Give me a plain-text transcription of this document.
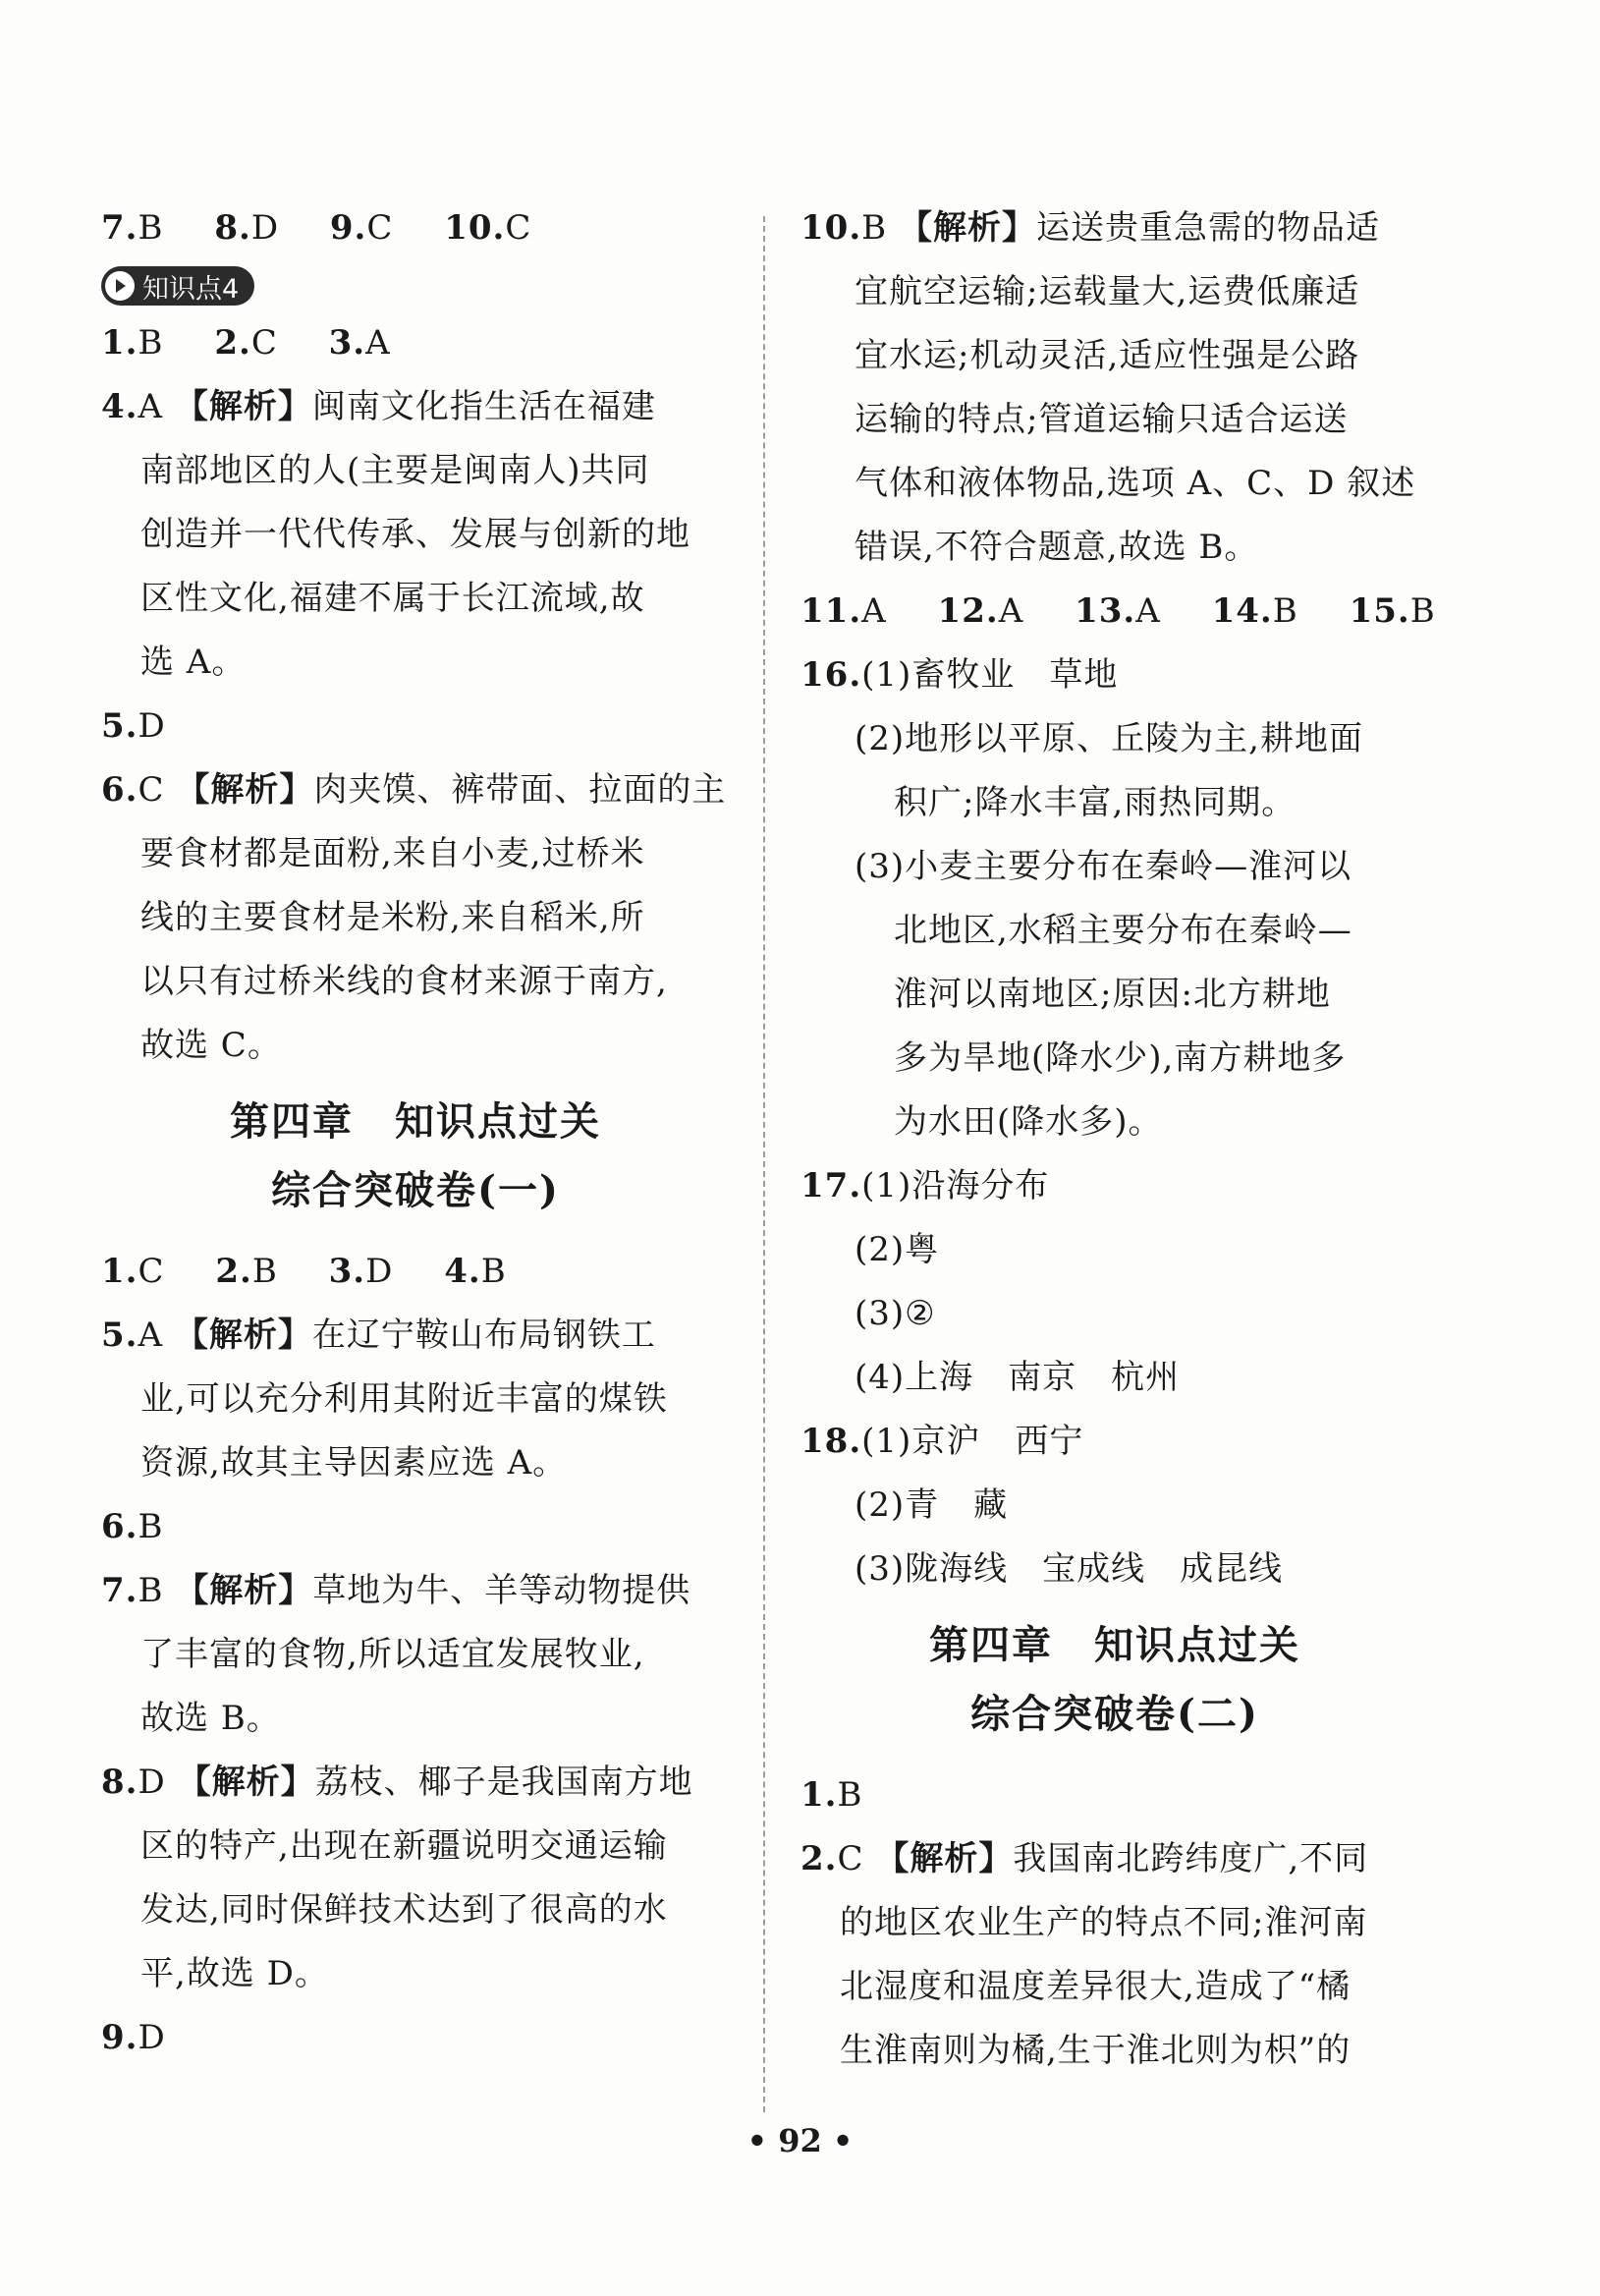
7.B 8.D 9.C 10.C
知识点4
1.B 2.C 3.A
4.A 【解析】闽南文化指生活在福建
南部地区的人(主要是闽南人)共同
创造并一代代传承、发展与创新的地
区性文化,福建不属于长江流域,故
选 A。
5.D
6.C 【解析】肉夹馍、裤带面、拉面的主
要食材都是面粉,来自小麦,过桥米
线的主要食材是米粉,来自稻米,所
以只有过桥米线的食材来源于南方,
故选 C。
第四章　知识点过关
综合突破卷(一)
1.C 2.B 3.D 4.B
5.A 【解析】在辽宁鞍山布局钢铁工
业,可以充分利用其附近丰富的煤铁
资源,故其主导因素应选 A。
6.B
7.B 【解析】草地为牛、羊等动物提供
了丰富的食物,所以适宜发展牧业,
故选 B。
8.D 【解析】荔枝、椰子是我国南方地
区的特产,出现在新疆说明交通运输
发达,同时保鲜技术达到了很高的水
平,故选 D。
9.D
10.B 【解析】运送贵重急需的物品适
宜航空运输;运载量大,运费低廉适
宜水运;机动灵活,适应性强是公路
运输的特点;管道运输只适合运送
气体和液体物品,选项 A、C、D 叙述
错误,不符合题意,故选 B。
11.A 12.A 13.A 14.B 15.B
16.(1)畜牧业　草地
(2)地形以平原、丘陵为主,耕地面
积广;降水丰富,雨热同期。
(3)小麦主要分布在秦岭—淮河以
北地区,水稻主要分布在秦岭—
淮河以南地区;原因:北方耕地
多为旱地(降水少),南方耕地多
为水田(降水多)。
17.(1)沿海分布
(2)粤
(3)②
(4)上海　南京　杭州
18.(1)京沪　西宁
(2)青　藏
(3)陇海线　宝成线　成昆线
第四章　知识点过关
综合突破卷(二)
1.B
2.C 【解析】我国南北跨纬度广,不同
的地区农业生产的特点不同;淮河南
北湿度和温度差异很大,造成了“橘
生淮南则为橘,生于淮北则为枳”的
• 92 •
